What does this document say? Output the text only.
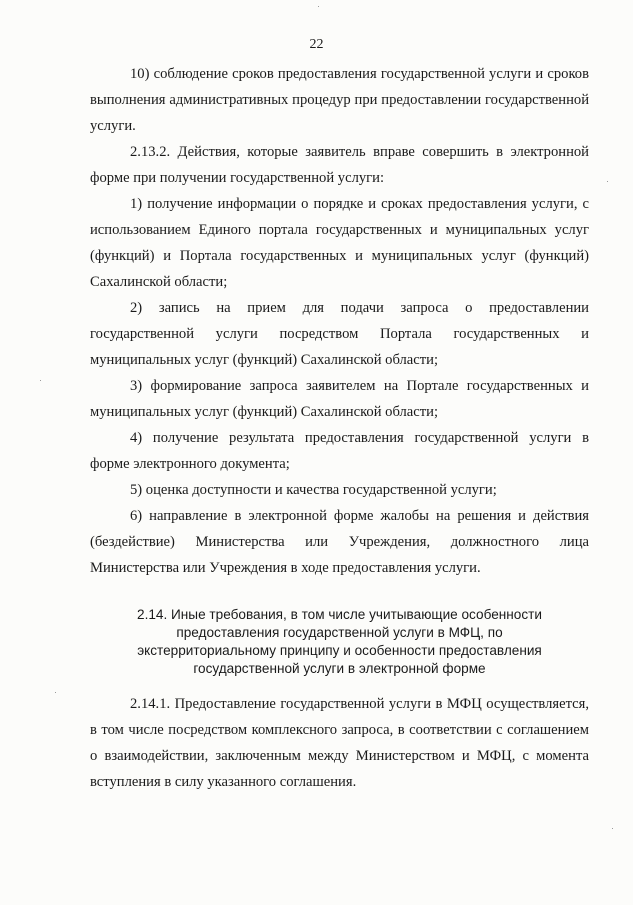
22

10) соблюдение сроков предоставления государственной услуги и сроков выполнения административных процедур при предоставлении государственной услуги.

2.13.2. Действия, которые заявитель вправе совершить в электронной форме при получении государственной услуги:

1) получение информации о порядке и сроках предоставления услуги, с использованием Единого портала государственных и муниципальных услуг (функций) и Портала государственных и муниципальных услуг (функций) Сахалинской области;

2) запись на прием для подачи запроса о предоставлении государственной услуги посредством Портала государственных и муниципальных услуг (функций) Сахалинской области;

3) формирование запроса заявителем на Портале государственных и муниципальных услуг (функций) Сахалинской области;

4) получение результата предоставления государственной услуги в форме электронного документа;

5) оценка доступности и качества государственной услуги;

6) направление в электронной форме жалобы на решения и действия (бездействие) Министерства или Учреждения, должностного лица Министерства или Учреждения в ходе предоставления услуги.

2.14. Иные требования, в том числе учитывающие особенности
предоставления государственной услуги в МФЦ, по
экстерриториальному принципу и особенности предоставления
государственной услуги в электронной форме

2.14.1. Предоставление государственной услуги в МФЦ осуществляется, в том числе посредством комплексного запроса, в соответствии с соглашением о взаимодействии, заключенным между Министерством и МФЦ, с момента вступления в силу указанного соглашения.
